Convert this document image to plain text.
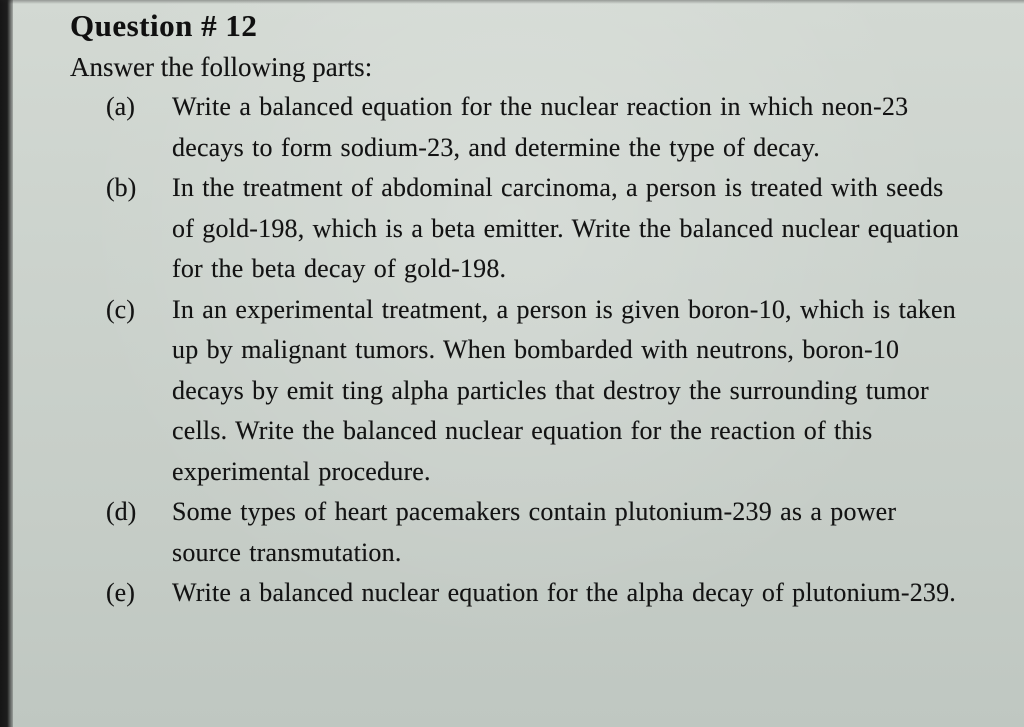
Question # 12

Answer the following parts:

(a)	Write a balanced equation for the nuclear reaction in which neon-23 decays to form sodium-23, and determine the type of decay.
(b)	In the treatment of abdominal carcinoma, a person is treated with seeds of gold-198, which is a beta emitter. Write the balanced nuclear equation for the beta decay of gold-198.
(c)	In an experimental treatment, a person is given boron-10, which is taken up by malignant tumors. When bombarded with neutrons, boron-10 decays by emit ting alpha particles that destroy the surrounding tumor cells. Write the balanced nuclear equation for the reaction of this experimental procedure.
(d)	Some types of heart pacemakers contain plutonium-239 as a power source transmutation.
(e)	Write a balanced nuclear equation for the alpha decay of plutonium-239.
